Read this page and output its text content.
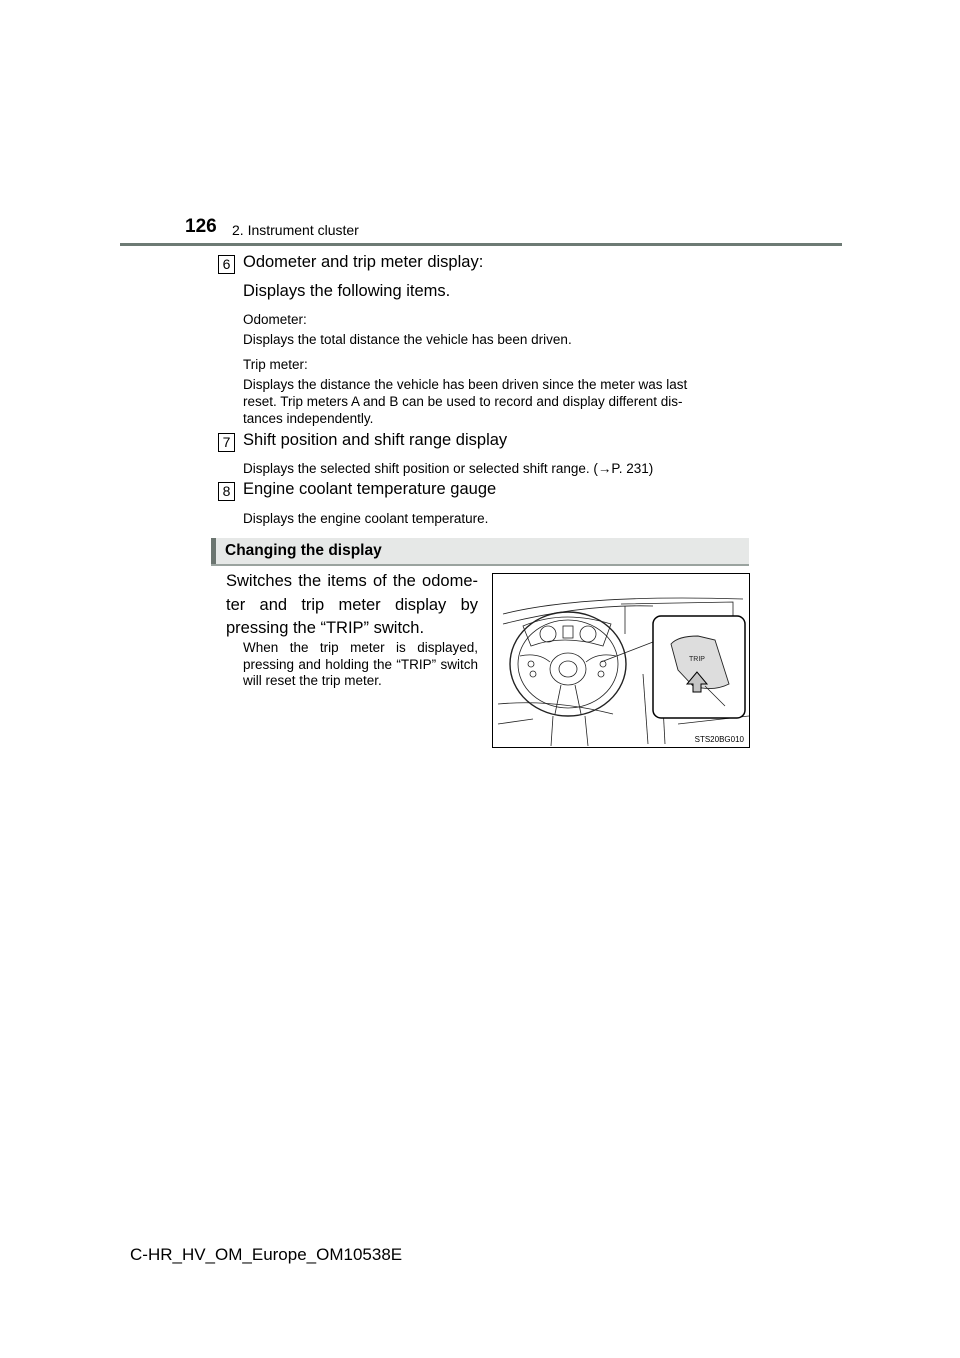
126 2. Instrument cluster
6 Odometer and trip meter display:
Displays the following items.
Odometer:
Displays the total distance the vehicle has been driven.
Trip meter:
Displays the distance the vehicle has been driven since the meter was last
reset. Trip meters A and B can be used to record and display different dis-
tances independently.
7 Shift position and shift range display
Displays the selected shift position or selected shift range. (→P. 231)
8 Engine coolant temperature gauge
Displays the engine coolant temperature.
Changing the display
Switches the items of the odome-ter and trip meter display by pressing the “TRIP” switch.
When the trip meter is displayed, pressing and holding the “TRIP” switch will reset the trip meter.
TRIP
STS20BG010
C-HR_HV_OM_Europe_OM10538E
